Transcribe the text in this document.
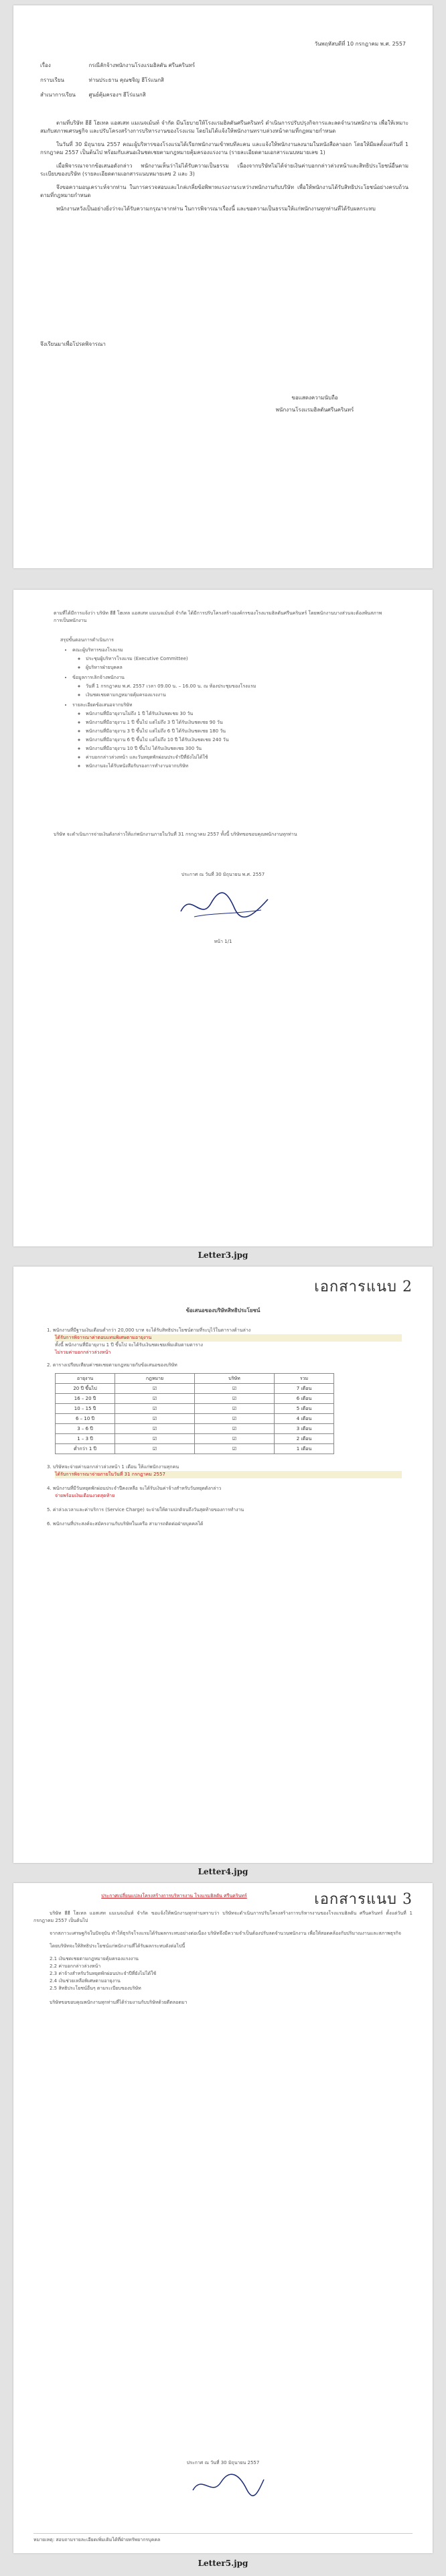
วันพฤหัสบดีที่ 10 กรกฎาคม พ.ศ. 2557
เรื่อง	กรณีลักจ้างพนักงานโรงแรมฮิลตัน ศรีนครินทร์
กราบเรียน	ท่านประธาน คุณชจิญ ฮีโร่แนกสิ
สำเนาการเรียน ศูนย์คุ้มครองฯ ฮีโร่แนกสิ

ตามที่บริษัท ฮีฮี โฮเทล แอสเสท แมเนจเม้นท์ จำกัด มีนโยบายให้โรงแรมฮิลตันศรีนครินทร์ ดำเนินการปรับปรุงกิจการและลดจำนวนพนักงาน เพื่อให้เหมาะสมกับสภาพเศรษฐกิจ และปรับโครงสร้างการบริหารงานของโรงแรม โดยไม่ได้แจ้งให้พนักงานทราบล่วงหน้าตามที่กฎหมายกำหนด

ในวันที่ 30 มิถุนายน 2557 คณะผู้บริหารของโรงแรมได้เรียกพนักงานเข้าพบทีละคน และแจ้งให้พนักงานลงนามในหนังสือลาออก โดยให้มีผลตั้งแต่วันที่ 1 กรกฎาคม 2557 เป็นต้นไป พร้อมกับเสนอเงินชดเชยตามกฎหมายคุ้มครองแรงงาน (รายละเอียดตามเอกสารแนบหมายเลข 1)

เมื่อพิจารณาจากข้อเสนอดังกล่าว พนักงานเห็นว่าไม่ได้รับความเป็นธรรม เนื่องจากบริษัทไม่ได้จ่ายเงินค่าบอกกล่าวล่วงหน้าและสิทธิประโยชน์อื่นตามระเบียบของบริษัท (รายละเอียดตามเอกสารแนบหมายเลข 2 และ 3)

จึงขอความอนุเคราะห์จากท่าน ในการตรวจสอบและไกล่เกลี่ยข้อพิพาทแรงงานระหว่างพนักงานกับบริษัท เพื่อให้พนักงานได้รับสิทธิประโยชน์อย่างครบถ้วนตามที่กฎหมายกำหนด

พนักงานหวังเป็นอย่างยิ่งว่าจะได้รับความกรุณาจากท่าน ในการพิจารณาเรื่องนี้ และขอความเป็นธรรมให้แก่พนักงานทุกท่านที่ได้รับผลกระทบ

จึงเรียนมาเพื่อโปรดพิจารณา
ขอแสดงความนับถือ
พนักงานโรงแรมฮิลตันศรีนครินทร์
ตามที่ได้มีการแจ้งว่า บริษัท ฮีฮี โฮเทล แอสเสท แมเนจเม้นท์ จำกัด ได้มีการปรับโครงสร้างองค์กรของโรงแรมฮิลตันศรีนครินทร์ โดยพนักงานบางส่วนจะต้องพ้นสภาพการเป็นพนักงาน
สรุปขั้นตอนการดำเนินการ
• คณะผู้บริหารของโรงแรม
◦ ประชุมผู้บริหารโรงแรม (Executive Committee)
◦ ผู้บริหารฝ่ายบุคคล
• ข้อมูลการเลิกจ้างพนักงาน
◦ วันที่ 1 กรกฎาคม พ.ศ. 2557 เวลา 09.00 น. – 16.00 น. ณ ห้องประชุมของโรงแรม
◦ เงินชดเชยตามกฎหมายคุ้มครองแรงงาน
• รายละเอียดข้อเสนอจากบริษัท
◦ พนักงานที่มีอายุงานไม่ถึง 1 ปี ได้รับเงินชดเชย 30 วัน
◦ พนักงานที่มีอายุงาน 1 ปี ขึ้นไป แต่ไม่ถึง 3 ปี ได้รับเงินชดเชย 90 วัน
◦ พนักงานที่มีอายุงาน 3 ปี ขึ้นไป แต่ไม่ถึง 6 ปี ได้รับเงินชดเชย 180 วัน
◦ พนักงานที่มีอายุงาน 6 ปี ขึ้นไป แต่ไม่ถึง 10 ปี ได้รับเงินชดเชย 240 วัน
◦ พนักงานที่มีอายุงาน 10 ปี ขึ้นไป ได้รับเงินชดเชย 300 วัน
◦ ค่าบอกกล่าวล่วงหน้า และวันหยุดพักผ่อนประจำปีที่ยังไม่ได้ใช้
◦ พนักงานจะได้รับหนังสือรับรองการทำงานจากบริษัท
บริษัท จะดำเนินการจ่ายเงินดังกล่าวให้แก่พนักงานภายในวันที่ 31 กรกฎาคม 2557 ทั้งนี้ บริษัทขอขอบคุณพนักงานทุกท่าน
ประกาศ ณ วันที่ 30 มิถุนายน พ.ศ. 2557
หน้า 1/1
Letter3.jpg
เอกสารแนบ 2
ข้อเสนอของบริษัทสิทธิประโยชน์
1. พนักงานที่มีฐานเงินเดือนต่ำกว่า 20,000 บาท จะได้รับสิทธิประโยชน์ตามที่ระบุไว้ในตารางด้านล่าง
ได้รับการพิจารณาค่าตอบแทนพิเศษตามอายุงาน
ทั้งนี้ พนักงานที่มีอายุงาน 1 ปี ขึ้นไป จะได้รับเงินชดเชยเพิ่มเติมตามตาราง
ไม่รวมค่าบอกกล่าวล่วงหน้า
2. ตารางเปรียบเทียบค่าชดเชยตามกฎหมายกับข้อเสนอของบริษัท
อายุงาน	กฎหมาย	บริษัท	รวม
20 ปี ขึ้นไป	☑	☑	7 เดือน
16 – 20 ปี	☑	☑	6 เดือน
10 – 15 ปี	☑	☑	5 เดือน
6 – 10 ปี	☑	☑	4 เดือน
3 – 6 ปี	☑	☑	3 เดือน
1 – 3 ปี	☑	☑	2 เดือน
ต่ำกว่า 1 ปี	☑	☑	1 เดือน
3. บริษัทจะจ่ายค่าบอกกล่าวล่วงหน้า 1 เดือน ให้แก่พนักงานทุกคน
ได้รับการพิจารณาจ่ายภายในวันที่ 31 กรกฎาคม 2557
4. พนักงานที่มีวันหยุดพักผ่อนประจำปีคงเหลือ จะได้รับเงินค่าจ้างสำหรับวันหยุดดังกล่าว
จ่ายพร้อมเงินเดือนงวดสุดท้าย
5. ค่าล่วงเวลาและค่าบริการ (Service Charge) จะจ่ายให้ตามปกติจนถึงวันสุดท้ายของการทำงาน
6. พนักงานที่ประสงค์จะสมัครงานกับบริษัทในเครือ สามารถติดต่อฝ่ายบุคคลได้
Letter4.jpg
เอกสารแนบ 3
ประกาศเปลี่ยนแปลงโครงสร้างการบริหารงาน โรงแรมฮิลตัน ศรีนครินทร์

บริษัท ฮีฮี โฮเทล แอสเสท แมเนจเม้นท์ จำกัด ขอแจ้งให้พนักงานทุกท่านทราบว่า บริษัทจะดำเนินการปรับโครงสร้างการบริหารงานของโรงแรมฮิลตัน ศรีนครินทร์ ตั้งแต่วันที่ 1 กรกฎาคม 2557 เป็นต้นไป

จากสภาวะเศรษฐกิจในปัจจุบัน ทำให้ธุรกิจโรงแรมได้รับผลกระทบอย่างต่อเนื่อง บริษัทจึงมีความจำเป็นต้องปรับลดจำนวนพนักงาน เพื่อให้สอดคล้องกับปริมาณงานและสภาพธุรกิจ

โดยบริษัทจะให้สิทธิประโยชน์แก่พนักงานที่ได้รับผลกระทบดังต่อไปนี้

2.1 เงินชดเชยตามกฎหมายคุ้มครองแรงงาน
2.2 ค่าบอกกล่าวล่วงหน้า
2.3 ค่าจ้างสำหรับวันหยุดพักผ่อนประจำปีที่ยังไม่ได้ใช้
2.4 เงินช่วยเหลือพิเศษตามอายุงาน
2.5 สิทธิประโยชน์อื่นๆ ตามระเบียบของบริษัท

บริษัทขอขอบคุณพนักงานทุกท่านที่ได้ร่วมงานกับบริษัทด้วยดีตลอดมา

ประกาศ ณ วันที่ 30 มิถุนายน 2557
หมายเหตุ: สอบถามรายละเอียดเพิ่มเติมได้ที่ฝ่ายทรัพยากรบุคคล
Letter5.jpg
